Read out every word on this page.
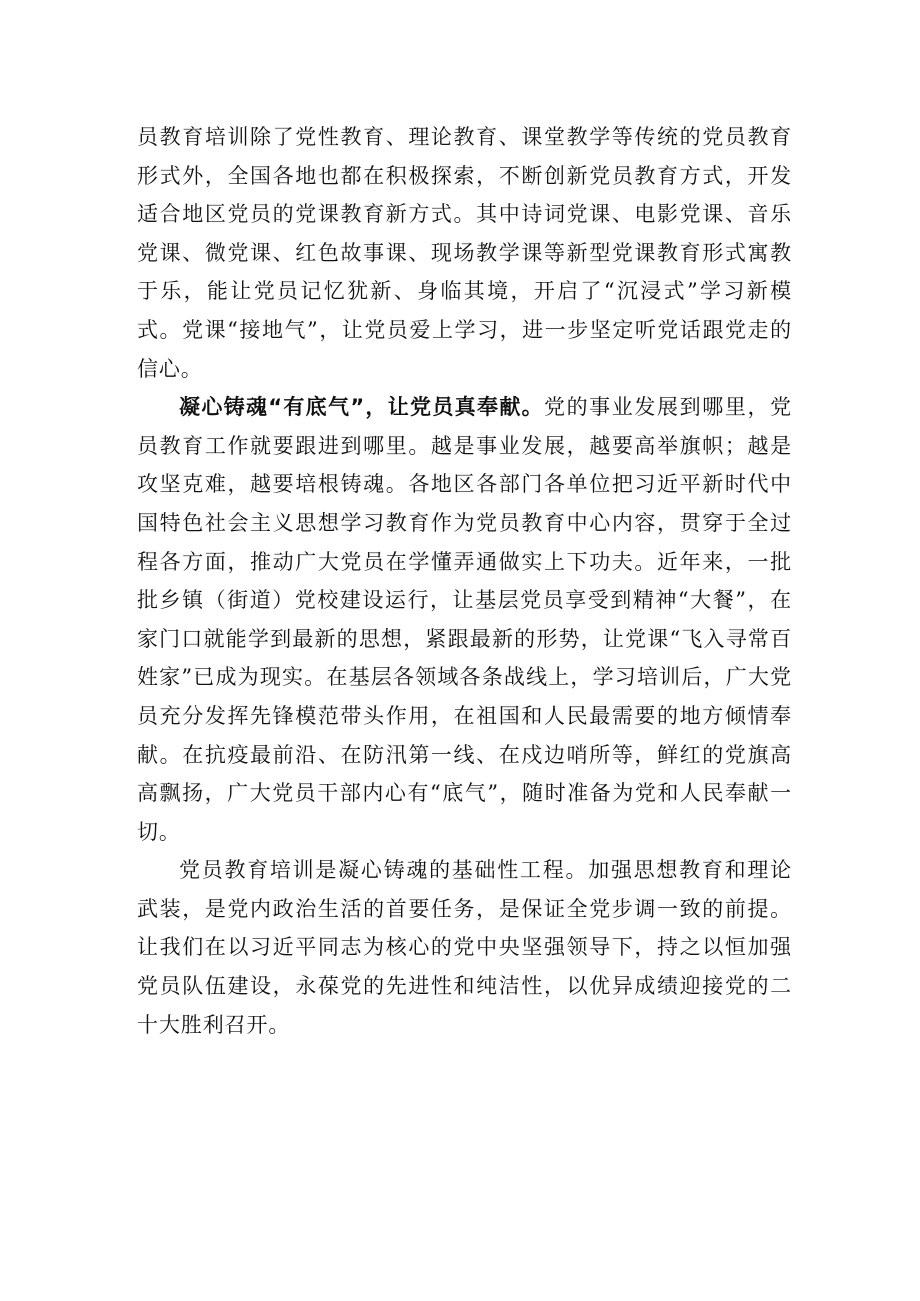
员教育培训除了党性教育、理论教育、课堂教学等传统的党员教育形式外，全国各地也都在积极探索，不断创新党员教育方式，开发适合地区党员的党课教育新方式。其中诗词党课、电影党课、音乐党课、微党课、红色故事课、现场教学课等新型党课教育形式寓教于乐，能让党员记忆犹新、身临其境，开启了“沉浸式”学习新模式。党课“接地气”，让党员爱上学习，进一步坚定听党话跟党走的信心。

凝心铸魂“有底气”，让党员真奉献。党的事业发展到哪里，党员教育工作就要跟进到哪里。越是事业发展，越要高举旗帜；越是攻坚克难，越要培根铸魂。各地区各部门各单位把习近平新时代中国特色社会主义思想学习教育作为党员教育中心内容，贯穿于全过程各方面，推动广大党员在学懂弄通做实上下功夫。近年来，一批批乡镇（街道）党校建设运行，让基层党员享受到精神“大餐”，在家门口就能学到最新的思想，紧跟最新的形势，让党课“飞入寻常百姓家”已成为现实。在基层各领域各条战线上，学习培训后，广大党员充分发挥先锋模范带头作用，在祖国和人民最需要的地方倾情奉献。在抗疫最前沿、在防汛第一线、在戍边哨所等，鲜红的党旗高高飘扬，广大党员干部内心有“底气”，随时准备为党和人民奉献一切。

党员教育培训是凝心铸魂的基础性工程。加强思想教育和理论武装，是党内政治生活的首要任务，是保证全党步调一致的前提。让我们在以习近平同志为核心的党中央坚强领导下，持之以恒加强党员队伍建设，永葆党的先进性和纯洁性，以优异成绩迎接党的二十大胜利召开。
